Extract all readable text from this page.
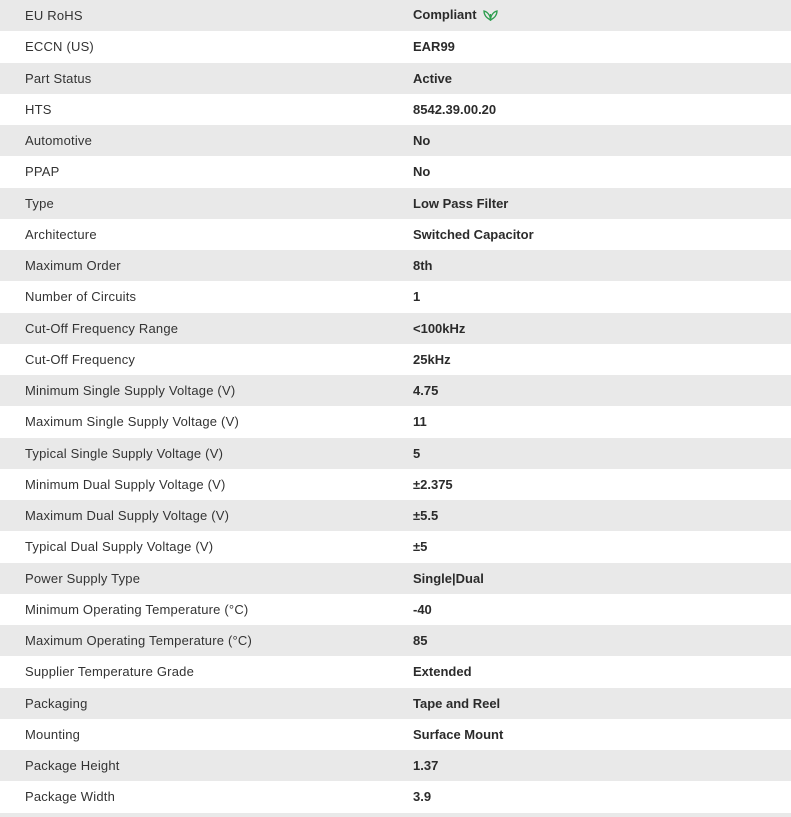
EU RoHS	Compliant
ECCN (US)	EAR99
Part Status	Active
HTS	8542.39.00.20
Automotive	No
PPAP	No
Type	Low Pass Filter
Architecture	Switched Capacitor
Maximum Order	8th
Number of Circuits	1
Cut-Off Frequency Range	<100kHz
Cut-Off Frequency	25kHz
Minimum Single Supply Voltage (V)	4.75
Maximum Single Supply Voltage (V)	11
Typical Single Supply Voltage (V)	5
Minimum Dual Supply Voltage (V)	±2.375
Maximum Dual Supply Voltage (V)	±5.5
Typical Dual Supply Voltage (V)	±5
Power Supply Type	Single|Dual
Minimum Operating Temperature (°C)	-40
Maximum Operating Temperature (°C)	85
Supplier Temperature Grade	Extended
Packaging	Tape and Reel
Mounting	Surface Mount
Package Height	1.37
Package Width	3.9
